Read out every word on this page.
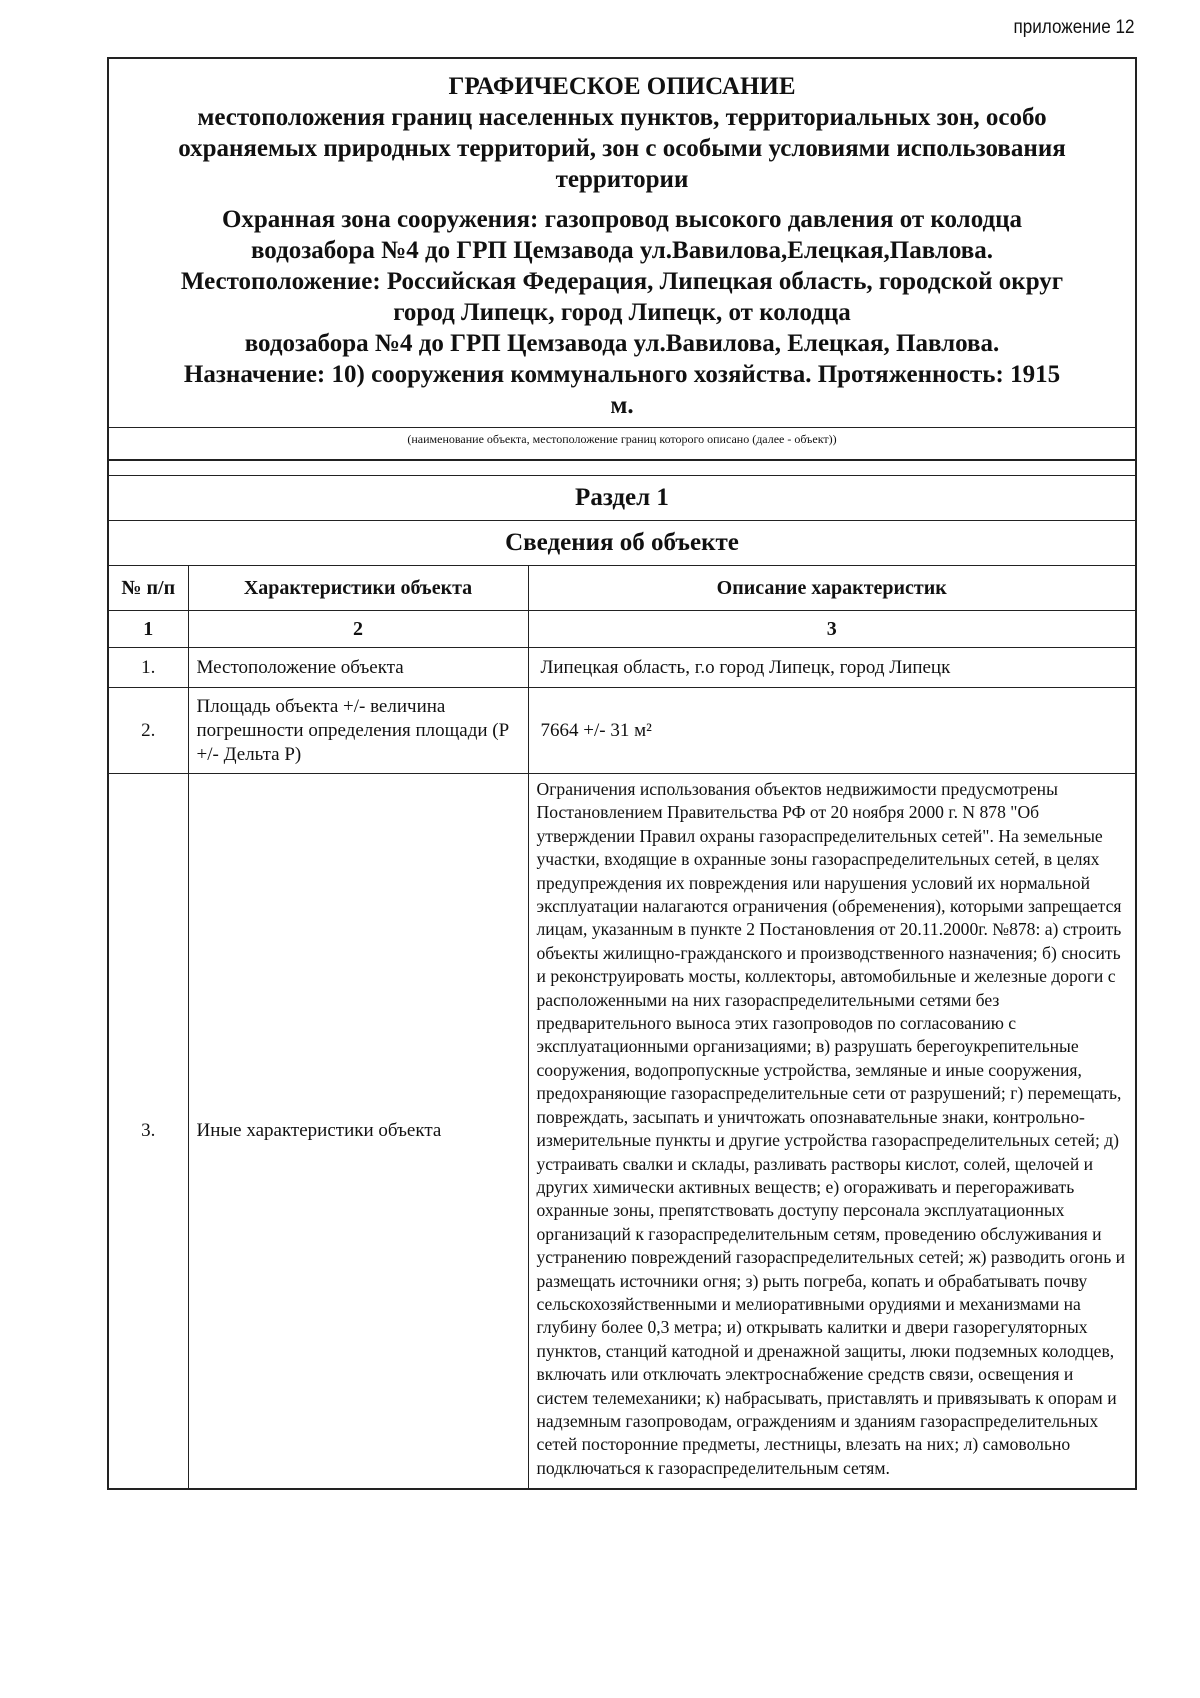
приложение 12
ГРАФИЧЕСКОЕ ОПИСАНИЕ
местоположения границ населенных пунктов, территориальных зон, особо охраняемых природных территорий, зон с особыми условиями использования территории
Охранная зона сооружения: газопровод высокого давления от колодца
водозабора №4 до ГРП Цемзавода ул.Вавилова,Елецкая,Павлова.
Местоположение: Российская Федерация, Липецкая область, городской округ
город Липецк, город Липецк, от колодца
водозабора №4 до ГРП Цемзавода ул.Вавилова, Елецкая, Павлова.
Назначение: 10) сооружения коммунального хозяйства. Протяженность: 1915
м.
(наименование объекта, местоположение границ которого описано (далее - объект))
Раздел 1
Сведения об объекте
№ п/п	Характеристики объекта	Описание характеристик
1	2	3
1.	Местоположение объекта	Липецкая область, г.о город Липецк, город Липецк
2.	Площадь объекта +/- величина погрешности определения площади (Р +/- Дельта Р)	7664 +/- 31 м²
3.	Иные характеристики объекта	Ограничения использования объектов недвижимости предусмотрены Постановлением Правительства РФ от 20 ноября 2000 г. N 878 "Об утверждении Правил охраны газораспределительных сетей". На земельные участки, входящие в охранные зоны газораспределительных сетей, в целях предупреждения их повреждения или нарушения условий их нормальной эксплуатации налагаются ограничения (обременения), которыми запрещается лицам, указанным в пункте 2 Постановления от 20.11.2000г. №878: а) строить объекты жилищно-гражданского и производственного назначения; б) сносить и реконструировать мосты, коллекторы, автомобильные и железные дороги с расположенными на них газораспределительными сетями без предварительного выноса этих газопроводов по согласованию с эксплуатационными организациями; в) разрушать берегоукрепительные сооружения, водопропускные устройства, земляные и иные сооружения, предохраняющие газораспределительные сети от разрушений; г) перемещать, повреждать, засыпать и уничтожать опознавательные знаки, контрольно-измерительные пункты и другие устройства газораспределительных сетей; д) устраивать свалки и склады, разливать растворы кислот, солей, щелочей и других химически активных веществ; е) огораживать и перегораживать охранные зоны, препятствовать доступу персонала эксплуатационных организаций к газораспределительным сетям, проведению обслуживания и устранению повреждений газораспределительных сетей; ж) разводить огонь и размещать источники огня; з) рыть погреба, копать и обрабатывать почву сельскохозяйственными и мелиоративными орудиями и механизмами на глубину более 0,3 метра; и) открывать калитки и двери газорегуляторных пунктов, станций катодной и дренажной защиты, люки подземных колодцев, включать или отключать электроснабжение средств связи, освещения и систем телемеханики; к) набрасывать, приставлять и привязывать к опорам и надземным газопроводам, ограждениям и зданиям газораспределительных сетей посторонние предметы, лестницы, влезать на них; л) самовольно подключаться к газораспределительным сетям.
